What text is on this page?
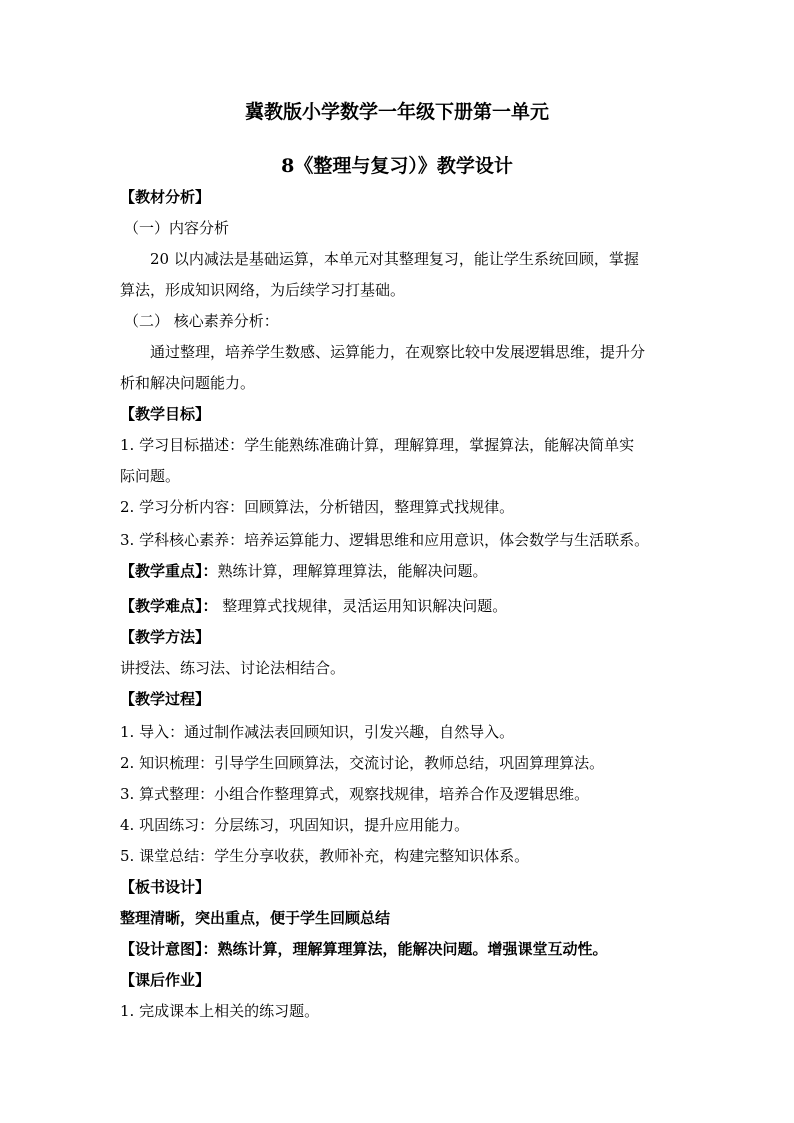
冀教版小学数学一年级下册第一单元
8《整理与复习）》教学设计
【教材分析】
（一）内容分析
20 以内减法是基础运算，本单元对其整理复习，能让学生系统回顾，掌握
算法，形成知识网络，为后续学习打基础。
（二） 核心素养分析：
通过整理，培养学生数感、运算能力，在观察比较中发展逻辑思维，提升分
析和解决问题能力。
【教学目标】
1. 学习目标描述：学生能熟练准确计算，理解算理，掌握算法，能解决简单实
际问题。
2. 学习分析内容：回顾算法，分析错因，整理算式找规律。
3. 学科核心素养：培养运算能力、逻辑思维和应用意识，体会数学与生活联系。
【教学重点】：熟练计算，理解算理算法，能解决问题。
【教学难点】： 整理算式找规律，灵活运用知识解决问题。
【教学方法】
讲授法、练习法、讨论法相结合。
【教学过程】
1. 导入：通过制作减法表回顾知识，引发兴趣，自然导入。
2. 知识梳理：引导学生回顾算法，交流讨论，教师总结，巩固算理算法。
3. 算式整理：小组合作整理算式，观察找规律，培养合作及逻辑思维。
4. 巩固练习：分层练习，巩固知识，提升应用能力。
5. 课堂总结：学生分享收获，教师补充，构建完整知识体系。
【板书设计】
整理清晰，突出重点，便于学生回顾总结
【设计意图】：熟练计算，理解算理算法，能解决问题。增强课堂互动性。
【课后作业】
1. 完成课本上相关的练习题。
